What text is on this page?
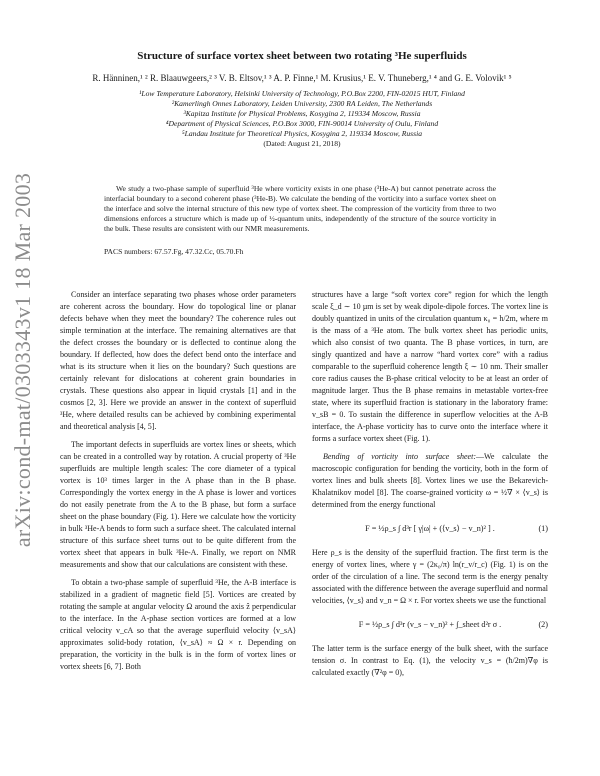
arXiv:cond-mat/0303343v1 18 Mar 2003
Structure of surface vortex sheet between two rotating ³He superfluids
R. Hänninen,¹ ² R. Blaauwgeers,² ³ V. B. Eltsov,¹ ³ A. P. Finne,¹ M. Krusius,¹ E. V. Thuneberg,¹ ⁴ and G. E. Volovik¹ ⁵
¹Low Temperature Laboratory, Helsinki University of Technology, P.O.Box 2200, FIN-02015 HUT, Finland
²Kamerlingh Onnes Laboratory, Leiden University, 2300 RA Leiden, The Netherlands
³Kapitza Institute for Physical Problems, Kosygina 2, 119334 Moscow, Russia
⁴Department of Physical Sciences, P.O.Box 3000, FIN-90014 University of Oulu, Finland
⁵Landau Institute for Theoretical Physics, Kosygina 2, 119334 Moscow, Russia
(Dated: August 21, 2018)

We study a two-phase sample of superfluid ³He where vorticity exists in one phase (³He-A) but cannot penetrate across the interfacial boundary to a second coherent phase (³He-B). We calculate the bending of the vorticity into a surface vortex sheet on the interface and solve the internal structure of this new type of vortex sheet. The compression of the vorticity from three to two dimensions enforces a structure which is made up of ½-quantum units, independently of the structure of the source vorticity in the bulk. These results are consistent with our NMR measurements.

PACS numbers: 67.57.Fg, 47.32.Cc, 05.70.Fh

Consider an interface separating two phases whose order parameters are coherent across the boundary. How do topological line or planar defects behave when they meet the boundary? The coherence rules out simple termination at the interface. The remaining alternatives are that the defect crosses the boundary or is deflected to continue along the boundary. If deflected, how does the defect bend onto the interface and what is its structure when it lies on the boundary? Such questions are certainly relevant for dislocations at coherent grain boundaries in crystals. These questions also appear in liquid crystals [1] and in the cosmos [2, 3]. Here we provide an answer in the context of superfluid ³He, where detailed results can be achieved by combining experimental and theoretical analysis [4, 5].

The important defects in superfluids are vortex lines or sheets, which can be created in a controlled way by rotation. A crucial property of ³He superfluids are multiple length scales: The core diameter of a typical vortex is 10³ times larger in the A phase than in the B phase. Correspondingly the vortex energy in the A phase is lower and vortices do not easily penetrate from the A to the B phase, but form a surface sheet on the phase boundary (Fig. 1). Here we calculate how the vorticity in bulk ³He-A bends to form such a surface sheet. The calculated internal structure of this surface sheet turns out to be quite different from the vortex sheet that appears in bulk ³He-A. Finally, we report on NMR measurements and show that our calculations are consistent with these.

To obtain a two-phase sample of superfluid ³He, the A-B interface is stabilized in a gradient of magnetic field [5]. Vortices are created by rotating the sample at angular velocity Ω around the axis ẑ perpendicular to the interface. In the A-phase section vortices are formed at a low critical velocity v_cA so that the average superfluid velocity ⟨v_sA⟩ approximates solid-body rotation, ⟨v_sA⟩ ≈ Ω × r. Depending on preparation, the vorticity in the bulk is in the form of vortex lines or vortex sheets [6, 7]. Both

structures have a large “soft vortex core” region for which the length scale ξ_d ∼ 10 µm is set by weak dipole-dipole forces. The vortex line is doubly quantized in units of the circulation quantum κ₀ = h/2m, where m is the mass of a ³He atom. The bulk vortex sheet has periodic units, which also consist of two quanta. The B phase vortices, in turn, are singly quantized and have a narrow “hard vortex core” with a radius comparable to the superfluid coherence length ξ ∼ 10 nm. Their smaller core radius causes the B-phase critical velocity to be at least an order of magnitude larger. Thus the B phase remains in metastable vortex-free state, where its superfluid fraction is stationary in the laboratory frame: v_sB = 0. To sustain the difference in superflow velocities at the A-B interface, the A-phase vorticity has to curve onto the interface where it forms a surface vortex sheet (Fig. 1).

Bending of vorticity into surface sheet:—We calculate the macroscopic configuration for bending the vorticity, both in the form of vortex lines and bulk sheets [8]. Vortex lines we use the Bekarevich-Khalatnikov model [8]. The coarse-grained vorticity ω = ½∇ × ⟨v_s⟩ is determined from the energy functional

F = ½ρ_s ∫ d³r [ γ|ω| + (⟨v_s⟩ − v_n)² ] .	(1)

Here ρ_s is the density of the superfluid fraction. The first term is the energy of vortex lines, where γ = (2κ₀/π) ln(r_v/r_c) (Fig. 1) is on the order of the circulation of a line. The second term is the energy penalty associated with the difference between the average superfluid and normal velocities, ⟨v_s⟩ and v_n = Ω × r. For vortex sheets we use the functional

F = ½ρ_s ∫ d³r (v_s − v_n)² + ∫_sheet d²r σ .	(2)

The latter term is the surface energy of the bulk sheet, with the surface tension σ. In contrast to Eq. (1), the velocity v_s = (ħ/2m)∇φ is calculated exactly (∇²φ = 0),
